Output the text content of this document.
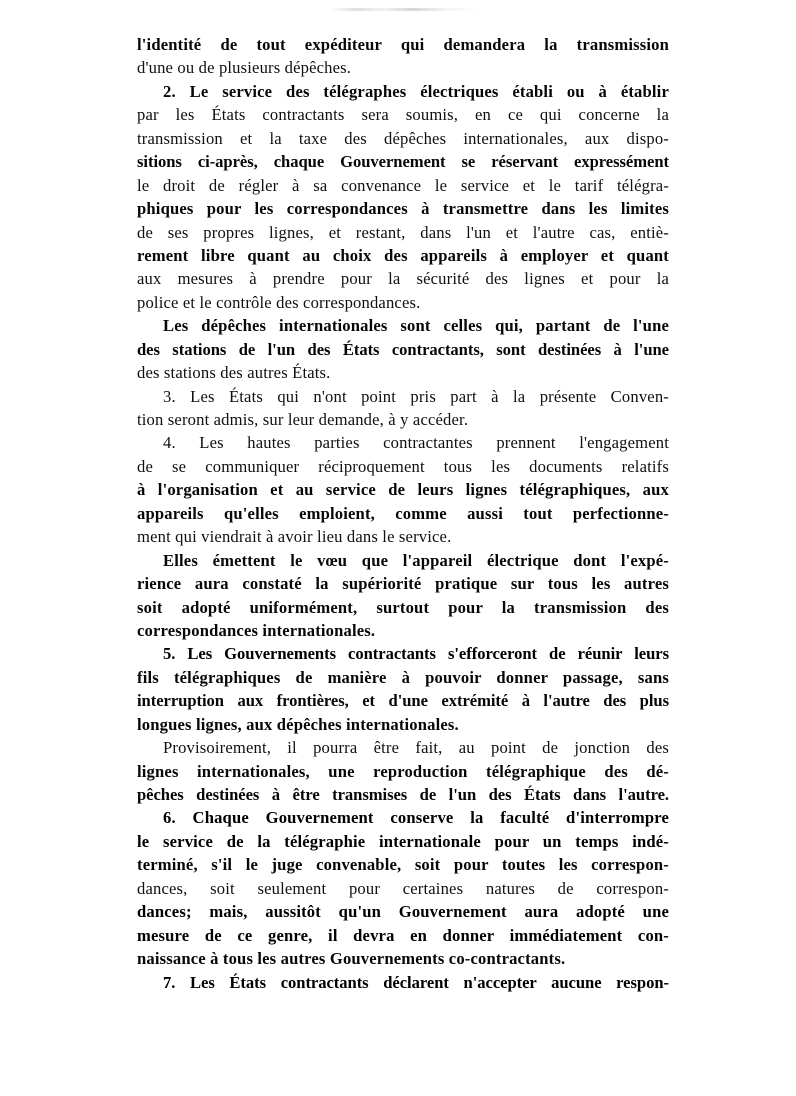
l'identité de tout expéditeur qui demandera la transmission
d'une ou de plusieurs dépêches.
2. Le service des télégraphes électriques établi ou à établir
par les États contractants sera soumis, en ce qui concerne la
transmission et la taxe des dépêches internationales, aux dispo-
sitions ci-après, chaque Gouvernement se réservant expressément
le droit de régler à sa convenance le service et le tarif télégra-
phiques pour les correspondances à transmettre dans les limites
de ses propres lignes, et restant, dans l'un et l'autre cas, entiè-
rement libre quant au choix des appareils à employer et quant
aux mesures à prendre pour la sécurité des lignes et pour la
police et le contrôle des correspondances.
Les dépêches internationales sont celles qui, partant de l'une
des stations de l'un des États contractants, sont destinées à l'une
des stations des autres États.
3. Les États qui n'ont point pris part à la présente Conven-
tion seront admis, sur leur demande, à y accéder.
4. Les hautes parties contractantes prennent l'engagement
de se communiquer réciproquement tous les documents relatifs
à l'organisation et au service de leurs lignes télégraphiques, aux
appareils qu'elles emploient, comme aussi tout perfectionne-
ment qui viendrait à avoir lieu dans le service.
Elles émettent le vœu que l'appareil électrique dont l'expé-
rience aura constaté la supériorité pratique sur tous les autres
soit adopté uniformément, surtout pour la transmission des
correspondances internationales.
5. Les Gouvernements contractants s'efforceront de réunir leurs
fils télégraphiques de manière à pouvoir donner passage, sans
interruption aux frontières, et d'une extrémité à l'autre des plus
longues lignes, aux dépêches internationales.
Provisoirement, il pourra être fait, au point de jonction des
lignes internationales, une reproduction télégraphique des dé-
pêches destinées à être transmises de l'un des États dans l'autre.
6. Chaque Gouvernement conserve la faculté d'interrompre
le service de la télégraphie internationale pour un temps indé-
terminé, s'il le juge convenable, soit pour toutes les correspon-
dances, soit seulement pour certaines natures de correspon-
dances; mais, aussitôt qu'un Gouvernement aura adopté une
mesure de ce genre, il devra en donner immédiatement con-
naissance à tous les autres Gouvernements co-contractants.
7. Les États contractants déclarent n'accepter aucune respon-
